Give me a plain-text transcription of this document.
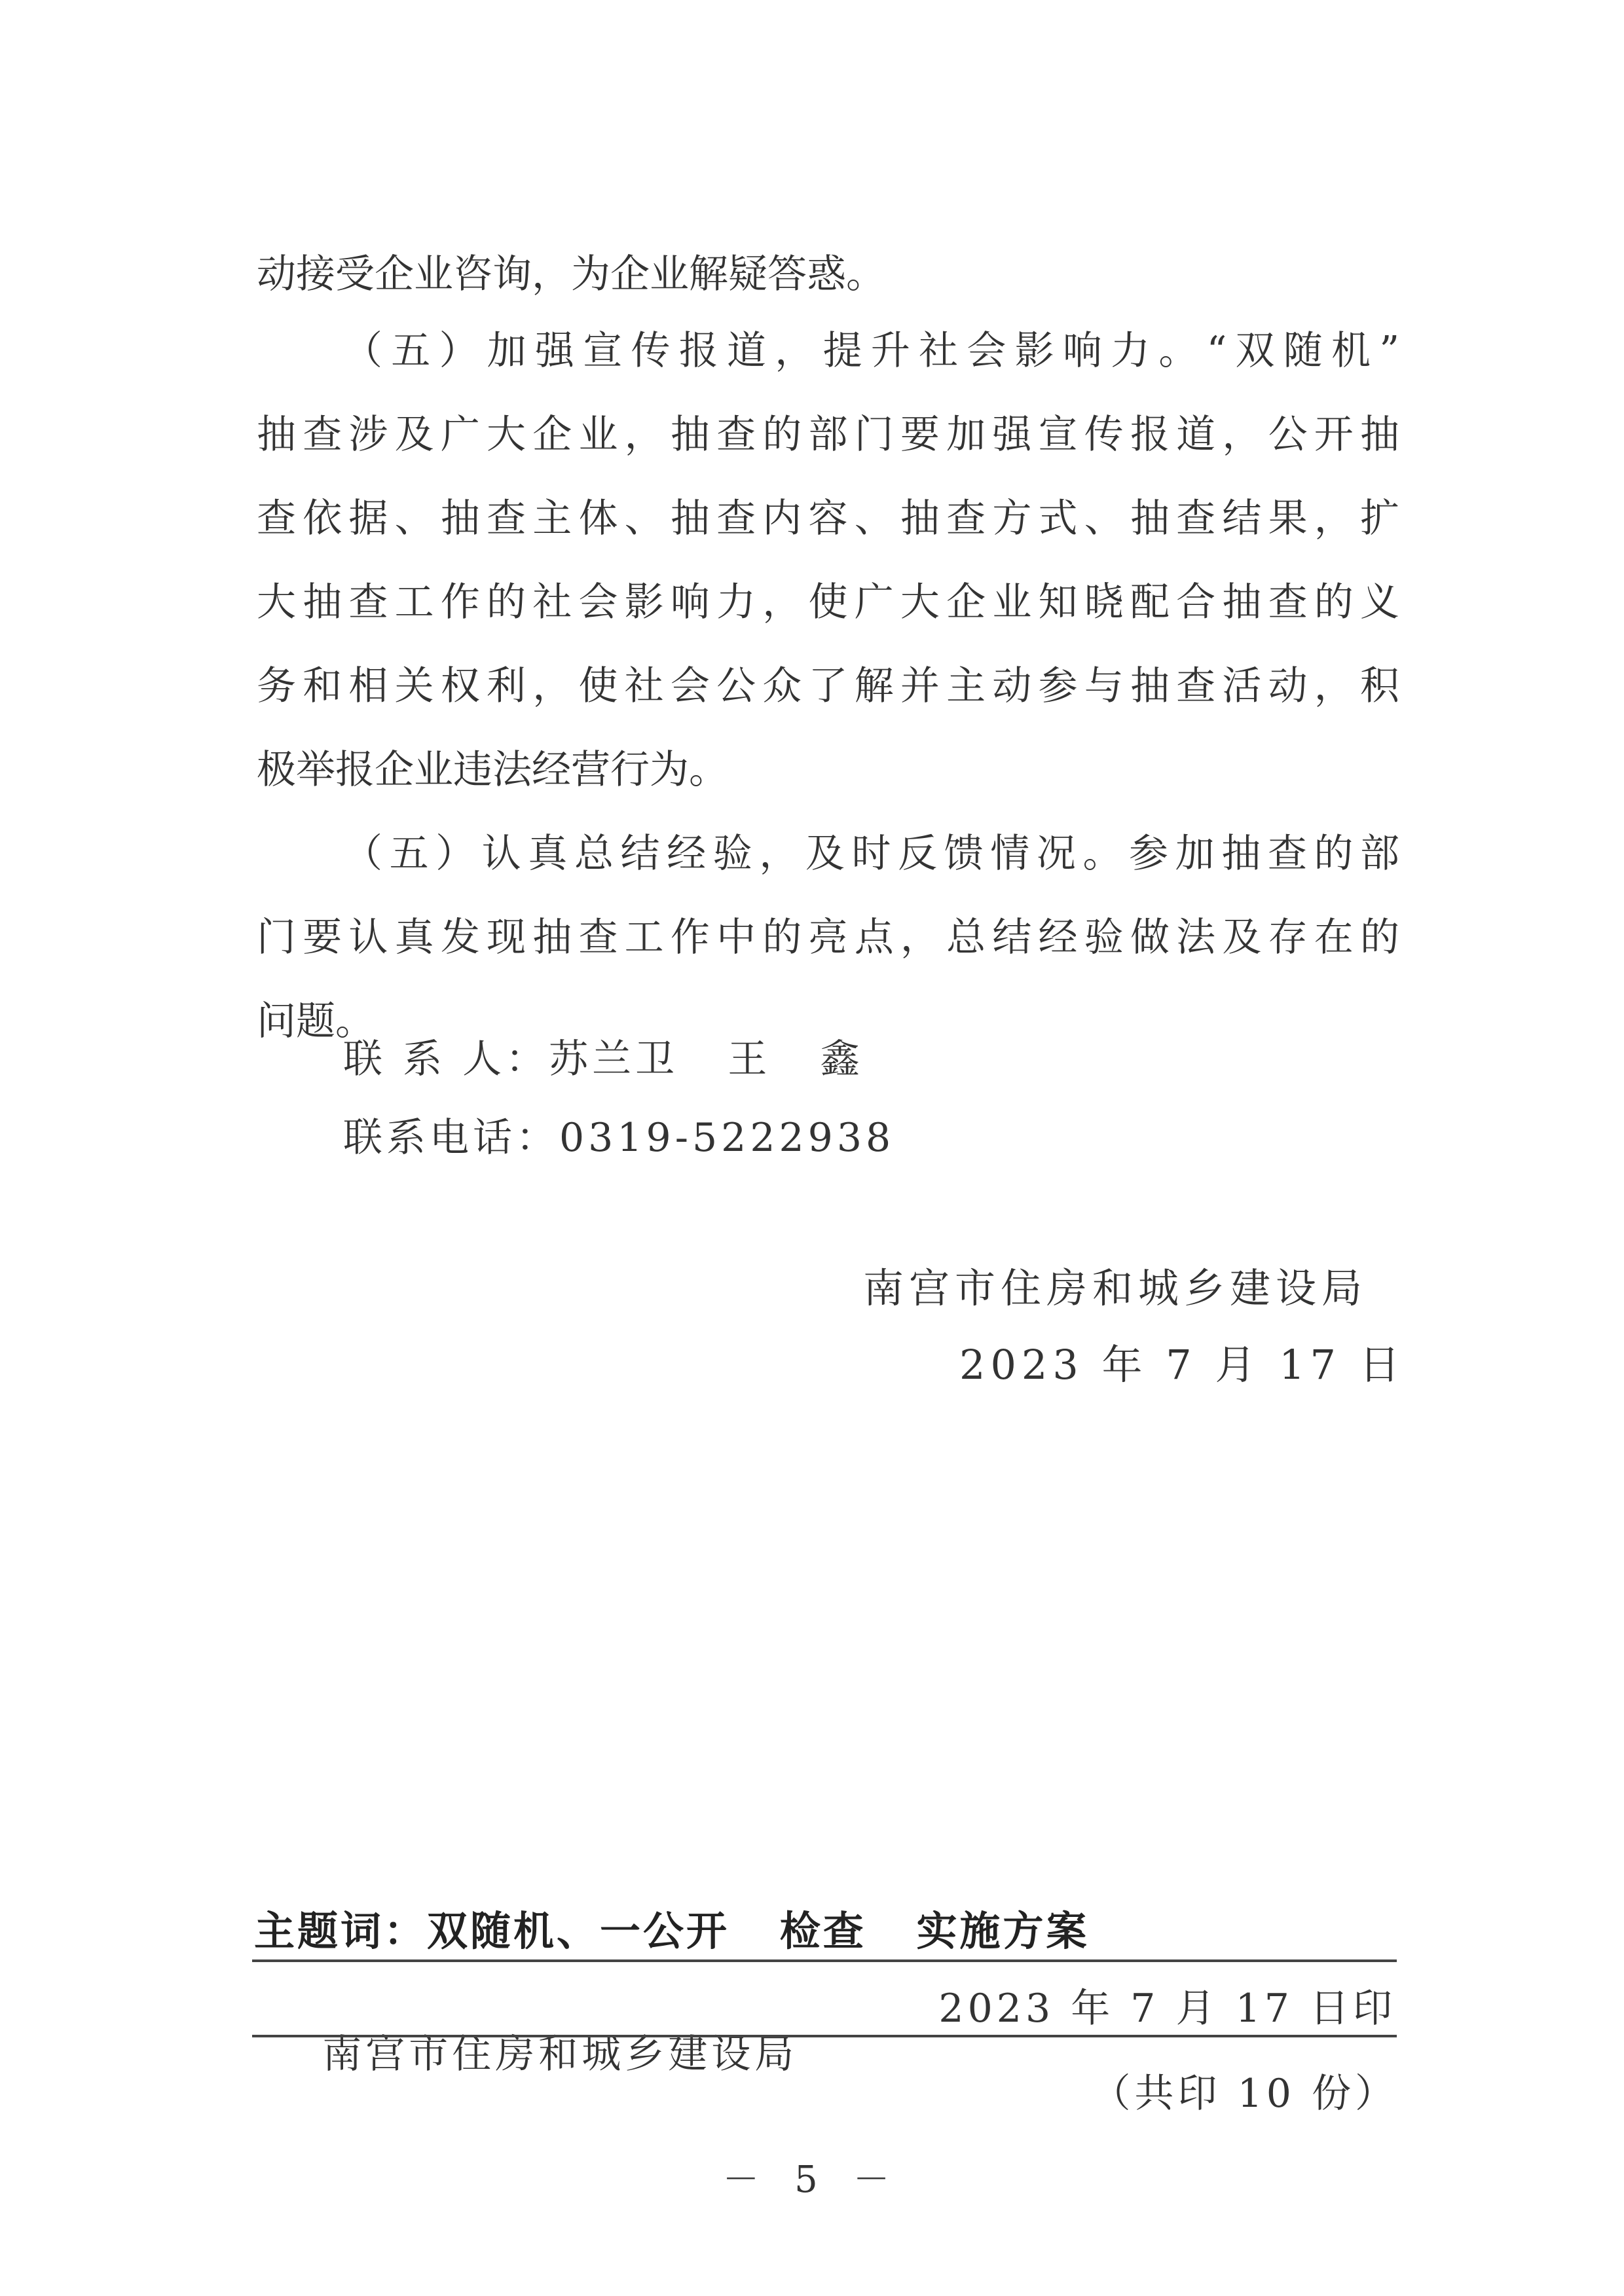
动接受企业咨询，为企业解疑答惑。
（五）加强宣传报道，提升社会影响力。“双随机”
抽查涉及广大企业，抽查的部门要加强宣传报道，公开抽
查依据、抽查主体、抽查内容、抽查方式、抽查结果，扩
大抽查工作的社会影响力，使广大企业知晓配合抽查的义
务和相关权利，使社会公众了解并主动参与抽查活动，积
极举报企业违法经营行为。
（五）认真总结经验，及时反馈情况。参加抽查的部
门要认真发现抽查工作中的亮点，总结经验做法及存在的
问题。
联 系 人：苏兰卫   王   鑫
联系电话：0319-5222938
南宫市住房和城乡建设局
2023 年 7 月 17 日
主题词：双随机、一公开   检查   实施方案

南宫市住房和城乡建设局

2023 年 7 月 17 日印

（共印 10 份）
－ 5 －
